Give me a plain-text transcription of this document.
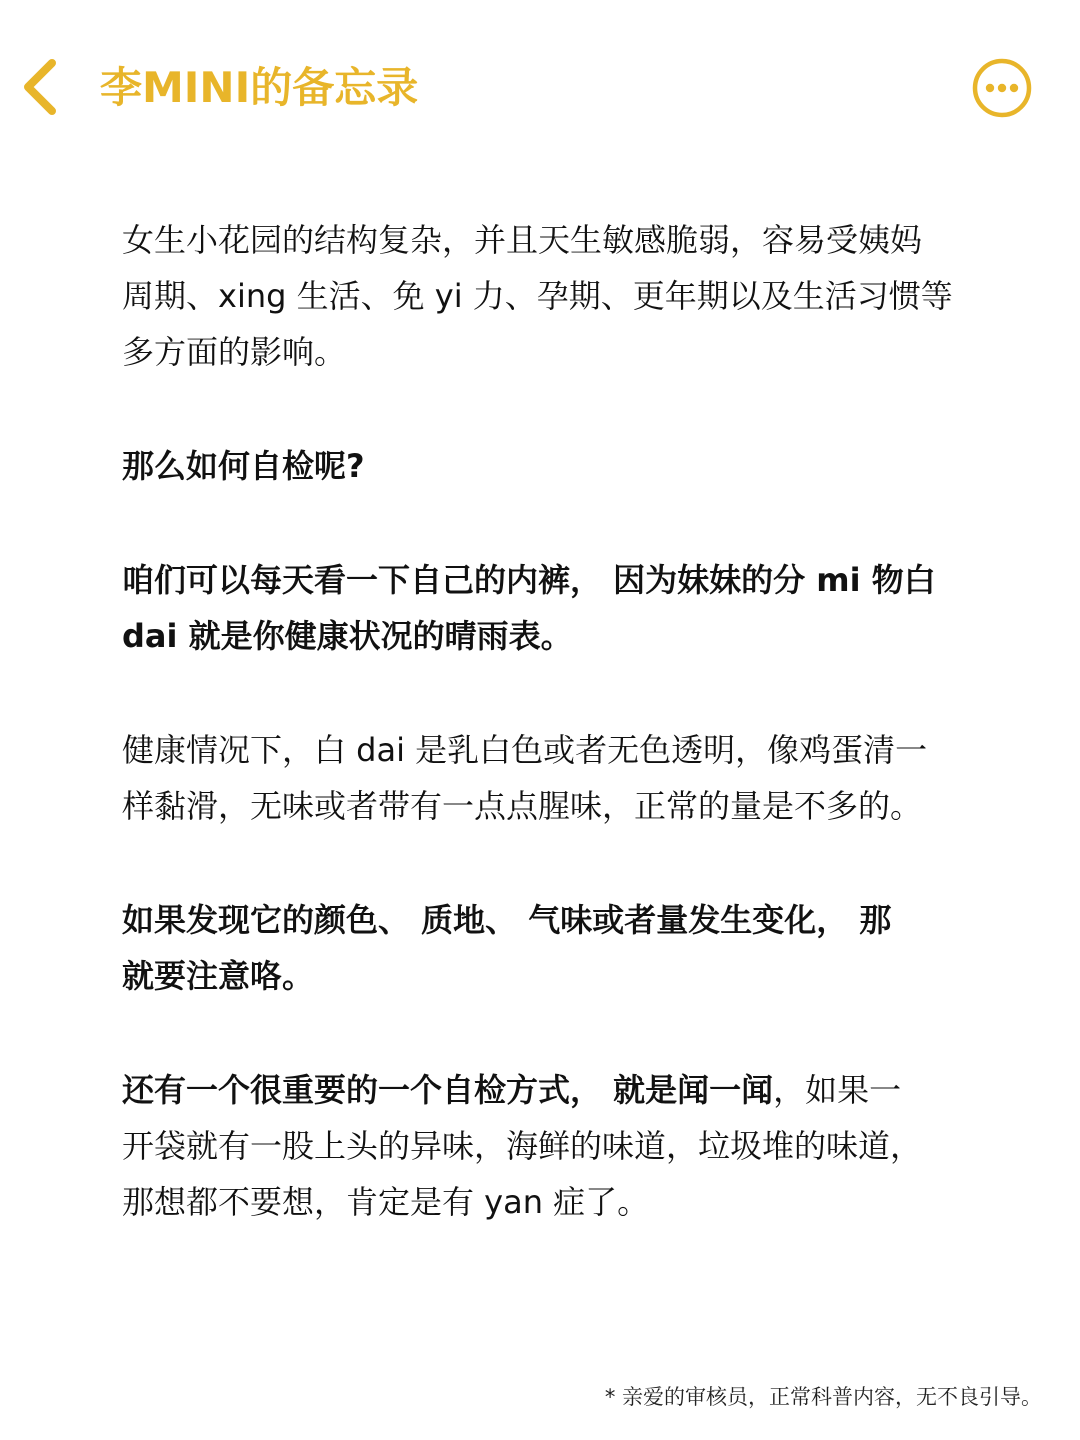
李MINI的备忘录

女生小花园的结构复杂，并且天生敏感脆弱，容易受姨妈
周期、xing 生活、免 yi 力、孕期、更年期以及生活习惯等
多方面的影响。

那么如何自检呢?

咱们可以每天看一下自己的内裤， 因为妹妹的分 mi 物白
dai 就是你健康状况的晴雨表。

健康情况下，白 dai 是乳白色或者无色透明，像鸡蛋清一
样黏滑，无味或者带有一点点腥味，正常的量是不多的。

如果发现它的颜色、 质地、 气味或者量发生变化， 那
就要注意咯。

还有一个很重要的一个自检方式， 就是闻一闻，如果一
开袋就有一股上头的异味，海鲜的味道，垃圾堆的味道，
那想都不要想，肯定是有 yan 症了。

* 亲爱的审核员，正常科普内容，无不良引导。
